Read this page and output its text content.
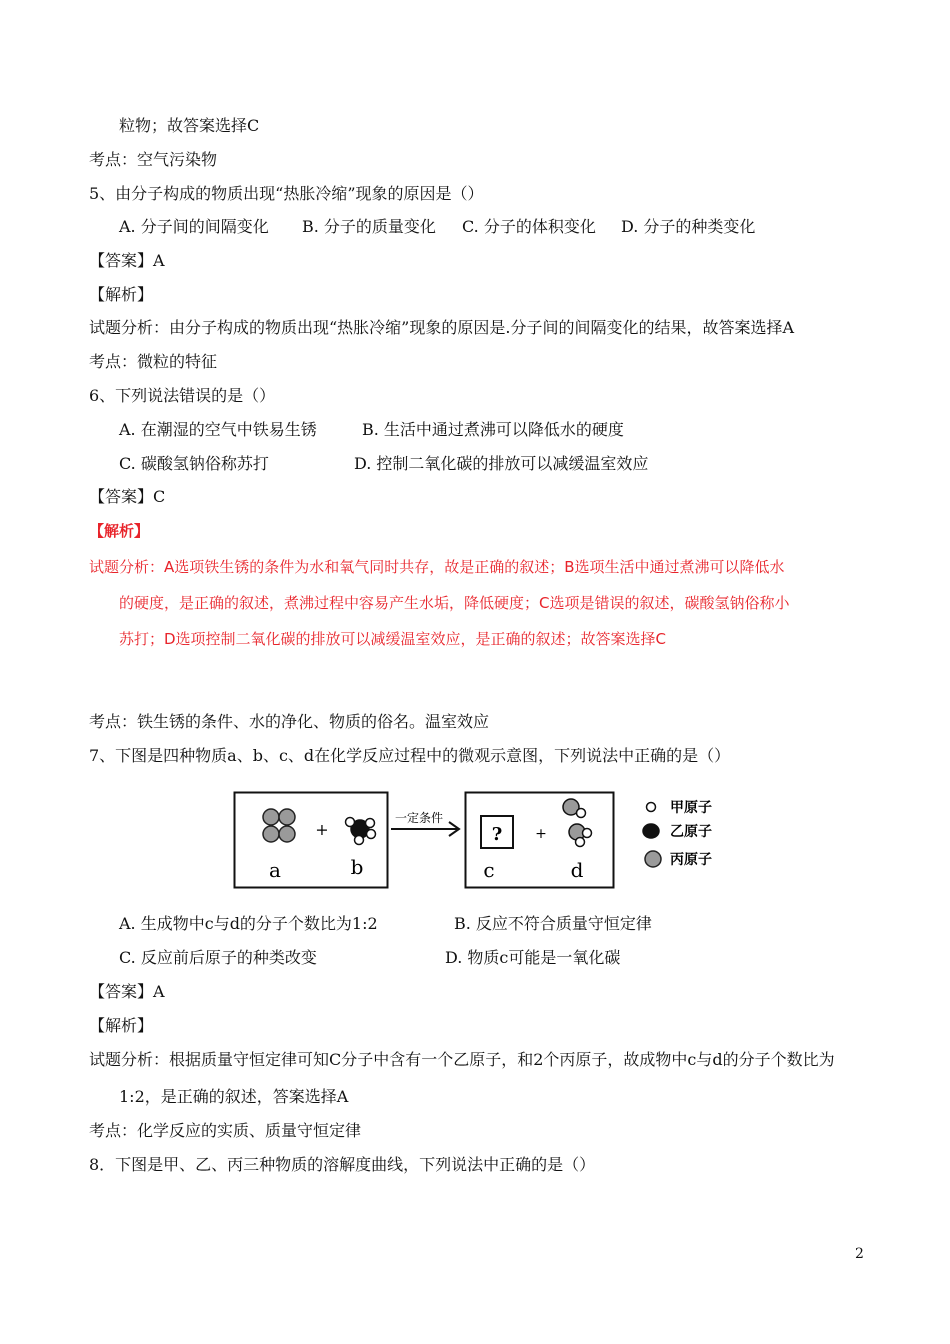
粒物；故答案选择C
考点：空气污染物
5、由分子构成的物质出现“热胀冷缩”现象的原因是（）
A. 分子间的间隔变化 B. 分子的质量变化 C. 分子的体积变化 D. 分子的种类变化
【答案】A
【解析】
试题分析：由分子构成的物质出现“热胀冷缩”现象的原因是.分子间的间隔变化的结果，故答案选择A
考点：微粒的特征
6、下列说法错误的是（）
A. 在潮湿的空气中铁易生锈	B. 生活中通过煮沸可以降低水的硬度
C. 碳酸氢钠俗称苏打	D. 控制二氧化碳的排放可以减缓温室效应
【答案】C
【解析】
试题分析：A选项铁生锈的条件为水和氧气同时共存，故是正确的叙述；B选项生活中通过煮沸可以降低水
的硬度，是正确的叙述，煮沸过程中容易产生水垢，降低硬度；C选项是错误的叙述，碳酸氢钠俗称小
苏打；D选项控制二氧化碳的排放可以减缓温室效应，是正确的叙述；故答案选择C
考点：铁生锈的条件、水的净化、物质的俗名。温室效应
7、下图是四种物质a、b、c、d在化学反应过程中的微观示意图，下列说法中正确的是（）
+
a	b
一定条件
? +
c	d
甲原子
乙原子
丙原子
A. 生成物中c与d的分子个数比为1:2	B. 反应不符合质量守恒定律
C. 反应前后原子的种类改变	D. 物质c可能是一氧化碳
【答案】A
【解析】
试题分析：根据质量守恒定律可知C分子中含有一个乙原子，和2个丙原子，故成物中c与d的分子个数比为
1:2，是正确的叙述，答案选择A
考点：化学反应的实质、质量守恒定律
8．下图是甲、乙、丙三种物质的溶解度曲线，下列说法中正确的是（）
2
